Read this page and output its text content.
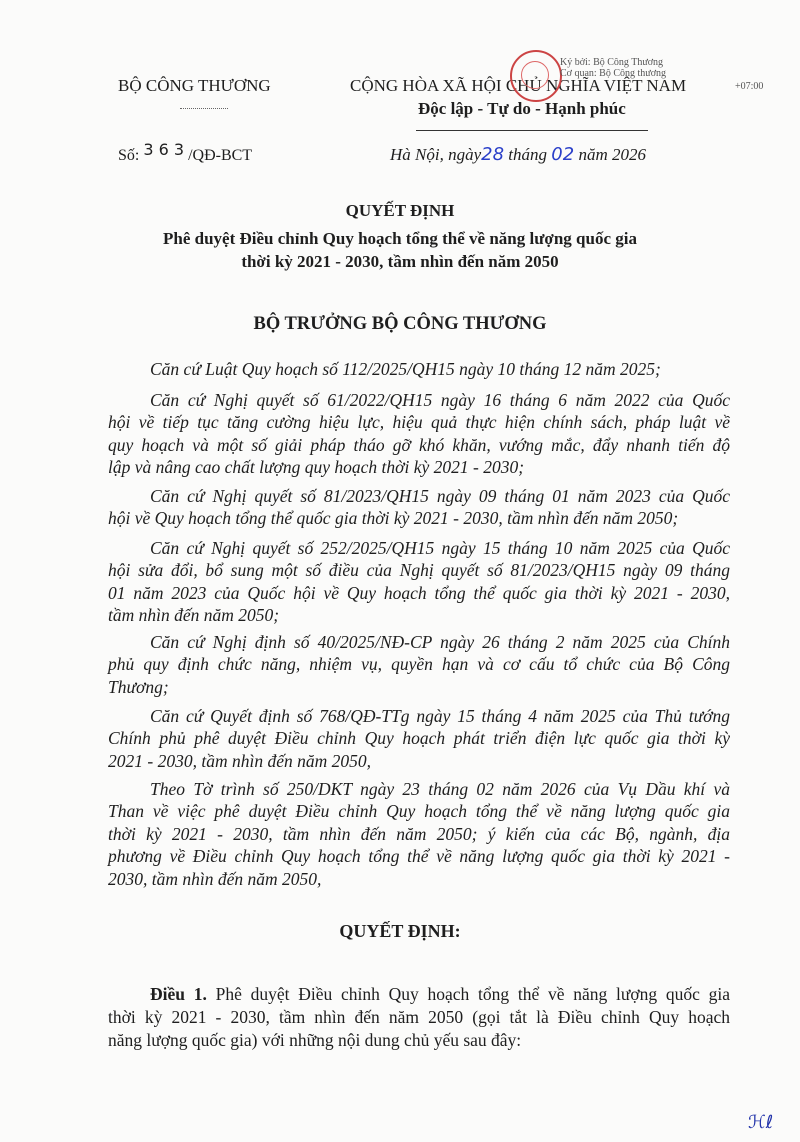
BỘ CÔNG THƯƠNG	CỘNG HÒA XÃ HỘI CHỦ NGHĨA VIỆT NAM
Độc lập - Tự do - Hạnh phúc
Ký bởi: Bộ Công Thương
Cơ quan: Bộ Công thương
+07:00
Số: 3 6 3 /QĐ-BCT	Hà Nội, ngày28 tháng 02 năm 2026
QUYẾT ĐỊNH
Phê duyệt Điều chỉnh Quy hoạch tổng thể về năng lượng quốc gia
thời kỳ 2021 - 2030, tầm nhìn đến năm 2050
BỘ TRƯỞNG BỘ CÔNG THƯƠNG
Căn cứ Luật Quy hoạch số 112/2025/QH15 ngày 10 tháng 12 năm 2025;
Căn cứ Nghị quyết số 61/2022/QH15 ngày 16 tháng 6 năm 2022 của Quốc
hội về tiếp tục tăng cường hiệu lực, hiệu quả thực hiện chính sách, pháp luật về
quy hoạch và một số giải pháp tháo gỡ khó khăn, vướng mắc, đẩy nhanh tiến độ
lập và nâng cao chất lượng quy hoạch thời kỳ 2021 - 2030;
Căn cứ Nghị quyết số 81/2023/QH15 ngày 09 tháng 01 năm 2023 của Quốc
hội về Quy hoạch tổng thể quốc gia thời kỳ 2021 - 2030, tầm nhìn đến năm 2050;
Căn cứ Nghị quyết số 252/2025/QH15 ngày 15 tháng 10 năm 2025 của Quốc
hội sửa đổi, bổ sung một số điều của Nghị quyết số 81/2023/QH15 ngày 09 tháng
01 năm 2023 của Quốc hội về Quy hoạch tổng thể quốc gia thời kỳ 2021 - 2030,
tầm nhìn đến năm 2050;
Căn cứ Nghị định số 40/2025/NĐ-CP ngày 26 tháng 2 năm 2025 của Chính
phủ quy định chức năng, nhiệm vụ, quyền hạn và cơ cấu tổ chức của Bộ Công
Thương;
Căn cứ Quyết định số 768/QĐ-TTg ngày 15 tháng 4 năm 2025 của Thủ tướng
Chính phủ phê duyệt Điều chỉnh Quy hoạch phát triển điện lực quốc gia thời kỳ
2021 - 2030, tầm nhìn đến năm 2050,
Theo Tờ trình số 250/DKT ngày 23 tháng 02 năm 2026 của Vụ Dầu khí và
Than về việc phê duyệt Điều chỉnh Quy hoạch tổng thể về năng lượng quốc gia
thời kỳ 2021 - 2030, tầm nhìn đến năm 2050; ý kiến của các Bộ, ngành, địa
phương về Điều chỉnh Quy hoạch tổng thể về năng lượng quốc gia thời kỳ 2021 -
2030, tầm nhìn đến năm 2050,
QUYẾT ĐỊNH:
Điều 1. Phê duyệt Điều chỉnh Quy hoạch tổng thể về năng lượng quốc gia
thời kỳ 2021 - 2030, tầm nhìn đến năm 2050 (gọi tắt là Điều chỉnh Quy hoạch
năng lượng quốc gia) với những nội dung chủ yếu sau đây:
ℋℓ
